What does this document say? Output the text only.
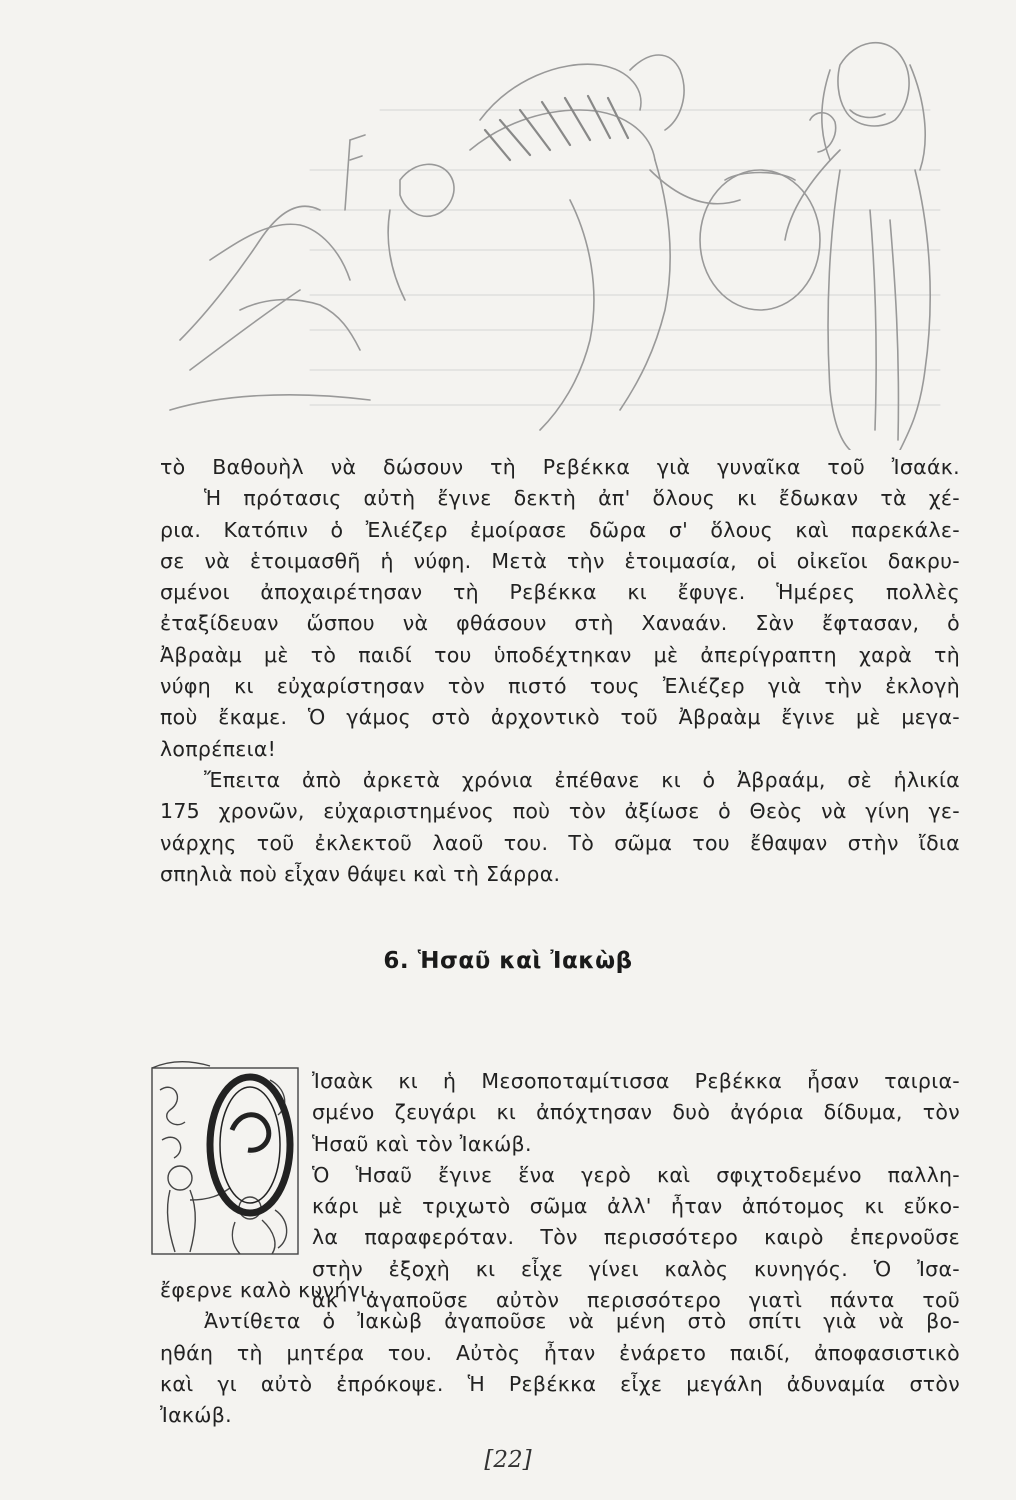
τὸ Βαθουὴλ νὰ δώσουν τὴ Ρεβέκκα γιὰ γυναῖκα τοῦ Ἰσαάκ.
Ἡ πρότασις αὐτὴ ἔγινε δεκτὴ ἀπ' ὅλους κι ἔδωκαν τὰ χέ-
ρια. Κατόπιν ὁ Ἐλιέζερ ἐμοίρασε δῶρα σ' ὅλους καὶ παρεκάλε-
σε νὰ ἑτοιμασθῆ ἡ νύφη. Μετὰ τὴν ἑτοιμασία, οἱ οἰκεῖοι δακρυ-
σμένοι ἀποχαιρέτησαν τὴ Ρεβέκκα κι ἔφυγε. Ἡμέρες πολλὲς
ἐταξίδευαν ὥσπου νὰ φθάσουν στὴ Χαναάν. Σὰν ἔφτασαν, ὁ
Ἀβραὰμ μὲ τὸ παιδί του ὑποδέχτηκαν μὲ ἀπερίγραπτη χαρὰ τὴ
νύφη κι εὐχαρίστησαν τὸν πιστό τους Ἐλιέζερ γιὰ τὴν ἐκλογὴ
ποὺ ἔκαμε. Ὁ γάμος στὸ ἀρχοντικὸ τοῦ Ἀβραὰμ ἔγινε μὲ μεγα-
λοπρέπεια!
Ἔπειτα ἀπὸ ἀρκετὰ χρόνια ἐπέθανε κι ὁ Ἀβραάμ, σὲ ἡλικία
175 χρονῶν, εὐχαριστημένος ποὺ τὸν ἀξίωσε ὁ Θεὸς νὰ γίνη γε-
νάρχης τοῦ ἐκλεκτοῦ λαοῦ του. Τὸ σῶμα του ἔθαψαν στὴν ἴδια
σπηλιὰ ποὺ εἶχαν θάψει καὶ τὴ Σάρρα.
6. Ἡσαῦ καὶ Ἰακὼβ
Θ
Ἰσαὰκ κι ἡ Μεσοποταμίτισσα Ρεβέκκα ἦσαν ταιρια-
σμένο ζευγάρι κι ἀπόχτησαν δυὸ ἀγόρια δίδυμα, τὸν
Ἡσαῦ καὶ τὸν Ἰακώβ.
Ὁ Ἡσαῦ ἔγινε ἕνα γερὸ καὶ σφιχτοδεμένο παλλη-
κάρι μὲ τριχωτὸ σῶμα ἀλλ' ἦταν ἀπότομος κι εὔκο-
λα παραφερόταν. Τὸν περισσότερο καιρὸ ἐπερνοῦσε
στὴν ἐξοχὴ κι εἶχε γίνει καλὸς κυνηγός. Ὁ Ἰσα-
ὰκ ἀγαποῦσε αὐτὸν περισσότερο γιατὶ πάντα τοῦ
ἔφερνε καλὸ κυνήγι.
Ἀντίθετα ὁ Ἰακὼβ ἀγαποῦσε νὰ μένη στὸ σπίτι γιὰ νὰ βο-
ηθάη τὴ μητέρα του. Αὐτὸς ἦταν ἐνάρετο παιδί, ἀποφασιστικὸ
καὶ γι αὐτὸ ἐπρόκοψε. Ἡ Ρεβέκκα εἶχε μεγάλη ἀδυναμία στὸν
Ἰακώβ.
[22]
